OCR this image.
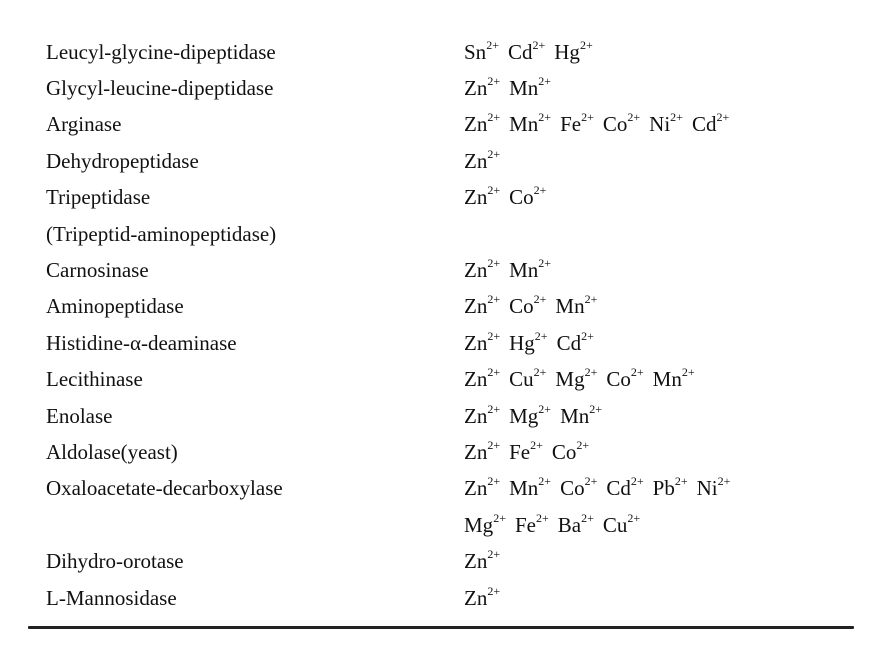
Leucyl-glycine-dipeptidase	$Sn^{2+}$ $Cd^{2+}$ $Hg^{2+}$
Glycyl-leucine-dipeptidase	$Zn^{2+}$ $Mn^{2+}$
Arginase	$Zn^{2+}$ $Mn^{2+}$ $Fe^{2+}$ $Co^{2+}$ $Ni^{2+}$ $Cd^{2+}$
Dehydropeptidase	$Zn^{2+}$
Tripeptidase	$Zn^{2+}$ $Co^{2+}$
(Tripeptid-aminopeptidase)	
Carnosinase	$Zn^{2+}$ $Mn^{2+}$
Aminopeptidase	$Zn^{2+}$ $Co^{2+}$ $Mn^{2+}$
Histidine-α-deaminase	$Zn^{2+}$ $Hg^{2+}$ $Cd^{2+}$
Lecithinase	$Zn^{2+}$ $Cu^{2+}$ $Mg^{2+}$ $Co^{2+}$ $Mn^{2+}$
Enolase	$Zn^{2+}$ $Mg^{2+}$ $Mn^{2+}$
Aldolase(yeast)	$Zn^{2+}$ $Fe^{2+}$ $Co^{2+}$
Oxaloacetate-decarboxylase	$Zn^{2+}$ $Mn^{2+}$ $Co^{2+}$ $Cd^{2+}$ $Pb^{2+}$ $Ni^{2+}$
	$Mg^{2+}$ $Fe^{2+}$ $Ba^{2+}$ $Cu^{2+}$
Dihydro-orotase	$Zn^{2+}$
L-Mannosidase	$Zn^{2+}$
